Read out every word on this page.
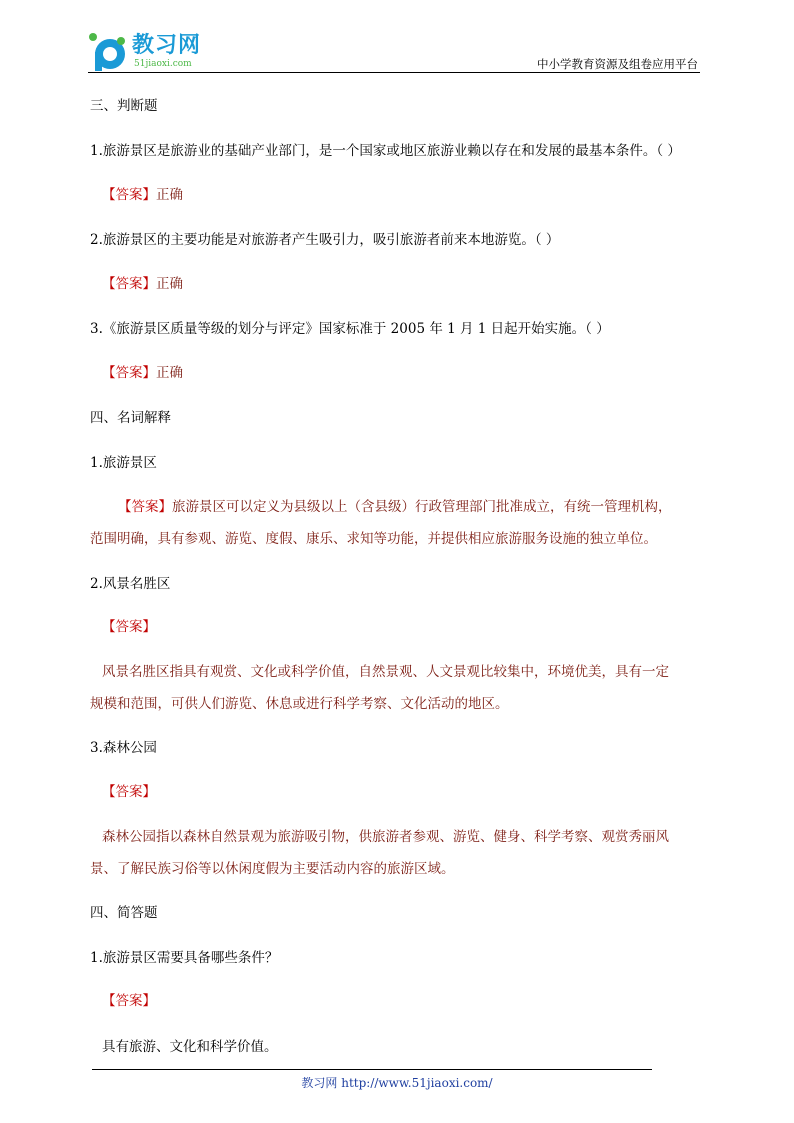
教习网
51jiaoxi.com	中小学教育资源及组卷应用平台
三、判断题
1.旅游景区是旅游业的基础产业部门，是一个国家或地区旅游业赖以存在和发展的最基本条件。（ ）
【答案】正确
2.旅游景区的主要功能是对旅游者产生吸引力，吸引旅游者前来本地游览。（ ）
【答案】正确
3.《旅游景区质量等级的划分与评定》国家标准于 2005 年 1 月 1 日起开始实施。（ ）
【答案】正确
四、名词解释
1.旅游景区
【答案】旅游景区可以定义为县级以上（含县级）行政管理部门批准成立，有统一管理机构，
范围明确，具有参观、游览、度假、康乐、求知等功能，并提供相应旅游服务设施的独立单位。
2.风景名胜区
【答案】
风景名胜区指具有观赏、文化或科学价值，自然景观、人文景观比较集中，环境优美，具有一定
规模和范围，可供人们游览、休息或进行科学考察、文化活动的地区。
3.森林公园
【答案】
森林公园指以森林自然景观为旅游吸引物，供旅游者参观、游览、健身、科学考察、观赏秀丽风
景、了解民族习俗等以休闲度假为主要活动内容的旅游区域。
四、简答题
1.旅游景区需要具备哪些条件？
【答案】
具有旅游、文化和科学价值。
教习网 http://www.51jiaoxi.com/
